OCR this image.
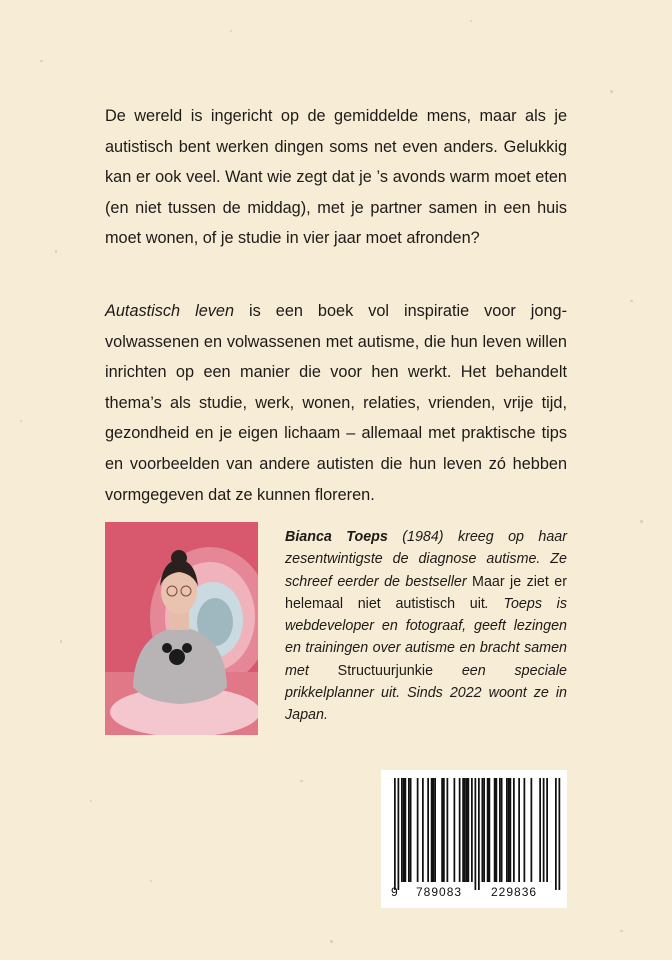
De wereld is ingericht op de gemiddelde mens, maar als je autistisch bent werken dingen soms net even anders. Gelukkig kan er ook veel. Want wie zegt dat je ’s avonds warm moet eten (en niet tussen de middag), met je partner samen in een huis moet wonen, of je studie in vier jaar moet afronden?

Autastisch leven is een boek vol inspiratie voor jong-volwassenen en volwassenen met autisme, die hun leven willen inrichten op een manier die voor hen werkt. Het behandelt thema’s als studie, werk, wonen, relaties, vrienden, vrije tijd, gezondheid en je eigen lichaam – allemaal met praktische tips en voorbeelden van andere autisten die hun leven zó hebben vormgegeven dat ze kunnen floreren.

Bianca Toeps (1984) kreeg op haar zesentwintigste de diagnose autisme. Ze schreef eerder de bestseller Maar je ziet er helemaal niet autistisch uit. Toeps is webdeveloper en fotograaf, geeft lezingen en trainingen over autisme en bracht samen met Structuurjunkie een speciale prikkelplanner uit. Sinds 2022 woont ze in Japan.

9 789083 229836
